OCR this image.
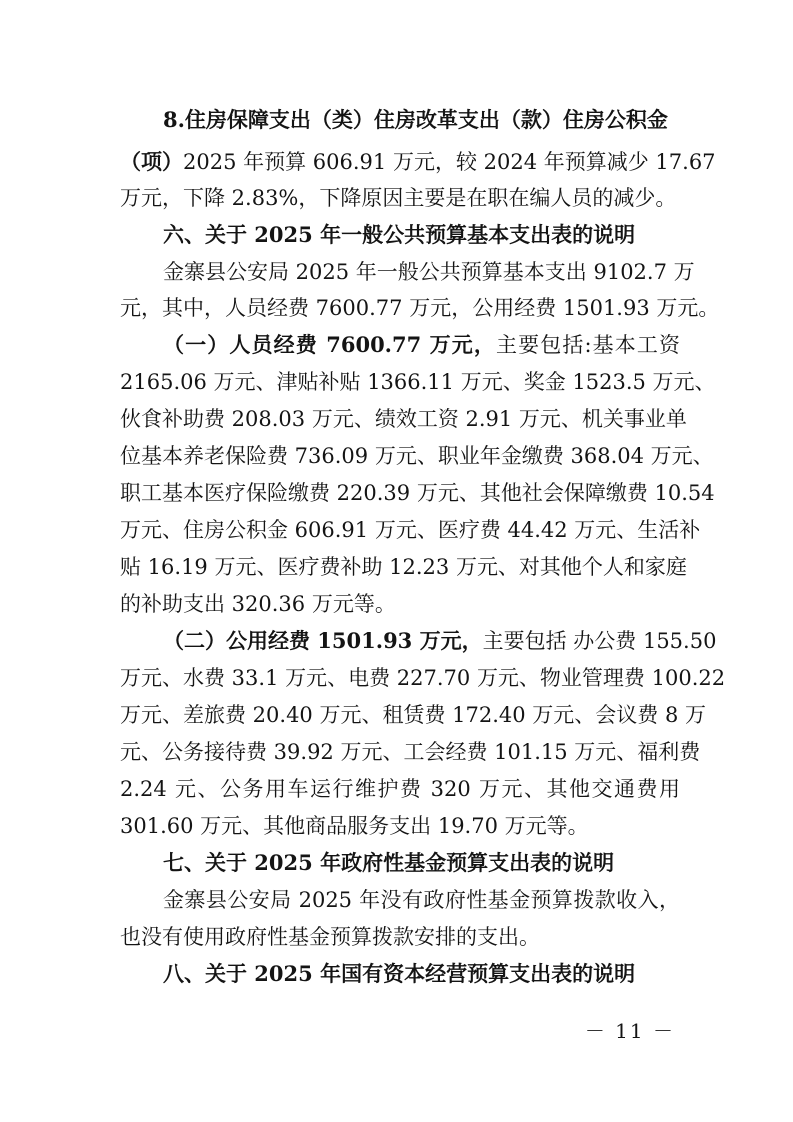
8.住房保障支出（类）住房改革支出（款）住房公积金
（项）2025 年预算 606.91 万元，较 2024 年预算减少 17.67
万元，下降 2.83%，下降原因主要是在职在编人员的减少。
六、关于 2025 年一般公共预算基本支出表的说明
金寨县公安局 2025 年一般公共预算基本支出 9102.7 万
元，其中，人员经费 7600.77 万元，公用经费 1501.93 万元。
（一）人员经费 7600.77 万元，主要包括:基本工资
2165.06 万元、津贴补贴 1366.11 万元、奖金 1523.5 万元、
伙食补助费 208.03 万元、绩效工资 2.91 万元、机关事业单
位基本养老保险费 736.09 万元、职业年金缴费 368.04 万元、
职工基本医疗保险缴费 220.39 万元、其他社会保障缴费 10.54
万元、住房公积金 606.91 万元、医疗费 44.42 万元、生活补
贴 16.19 万元、医疗费补助 12.23 万元、对其他个人和家庭
的补助支出 320.36 万元等。
（二）公用经费 1501.93 万元，主要包括 办公费 155.50
万元、水费 33.1 万元、电费 227.70 万元、物业管理费 100.22
万元、差旅费 20.40 万元、租赁费 172.40 万元、会议费 8 万
元、公务接待费 39.92 万元、工会经费 101.15 万元、福利费
2.24 元、公务用车运行维护费 320 万元、其他交通费用
301.60 万元、其他商品服务支出 19.70 万元等。
七、关于 2025 年政府性基金预算支出表的说明
金寨县公安局 2025 年没有政府性基金预算拨款收入，
也没有使用政府性基金预算拨款安排的支出。
八、关于 2025 年国有资本经营预算支出表的说明
－ 11 －
